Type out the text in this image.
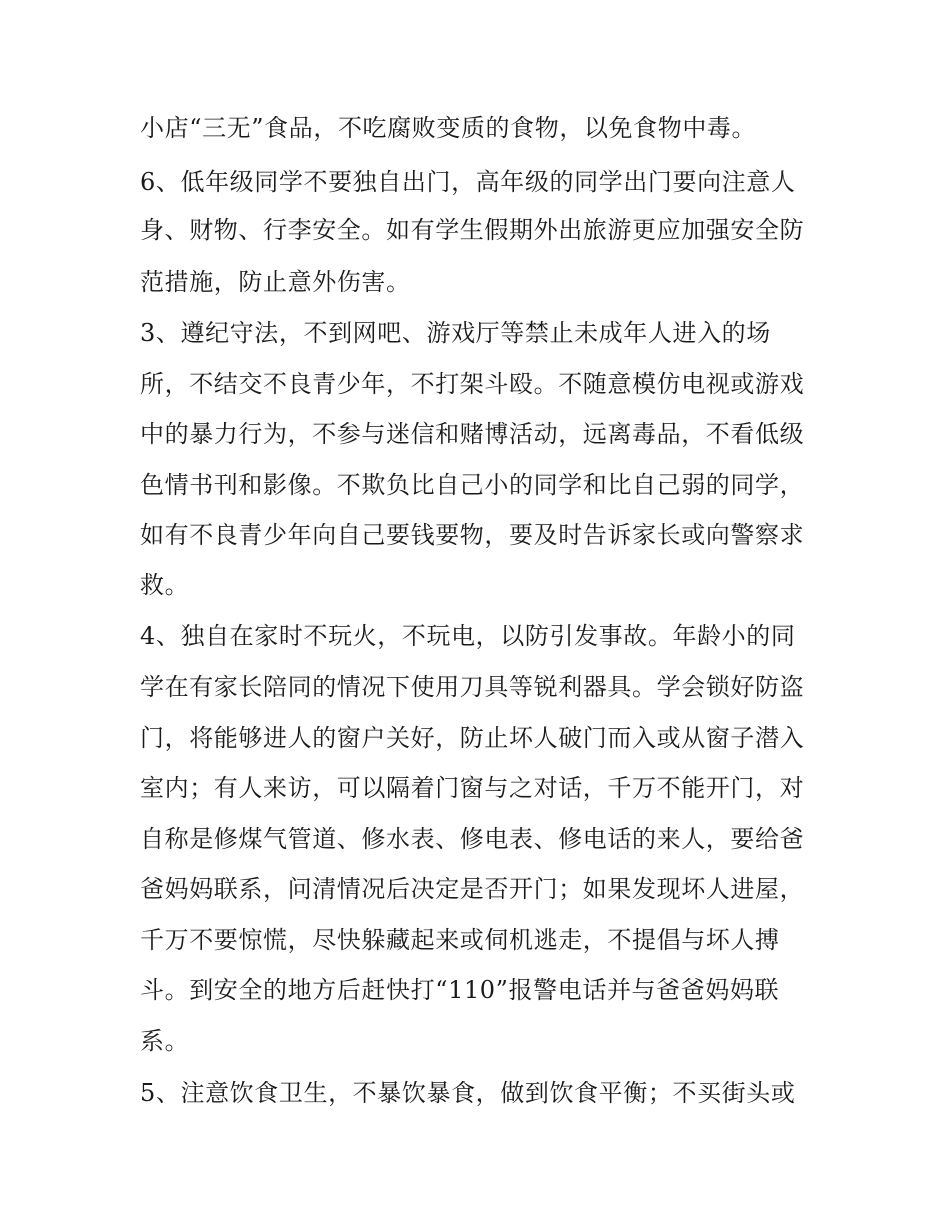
小店“三无”食品，不吃腐败变质的食物，以免食物中毒。
6、低年级同学不要独自出门，高年级的同学出门要向注意人
身、财物、行李安全。如有学生假期外出旅游更应加强安全防
范措施，防止意外伤害。
3、遵纪守法，不到网吧、游戏厅等禁止未成年人进入的场
所，不结交不良青少年，不打架斗殴。不随意模仿电视或游戏
中的暴力行为，不参与迷信和赌博活动，远离毒品，不看低级
色情书刊和影像。不欺负比自己小的同学和比自己弱的同学，
如有不良青少年向自己要钱要物，要及时告诉家长或向警察求
救。
4、独自在家时不玩火，不玩电，以防引发事故。年龄小的同
学在有家长陪同的情况下使用刀具等锐利器具。学会锁好防盗
门，将能够进人的窗户关好，防止坏人破门而入或从窗子潜入
室内；有人来访，可以隔着门窗与之对话，千万不能开门，对
自称是修煤气管道、修水表、修电表、修电话的来人，要给爸
爸妈妈联系，问清情况后决定是否开门；如果发现坏人进屋，
千万不要惊慌，尽快躲藏起来或伺机逃走，不提倡与坏人搏
斗。到安全的地方后赶快打“110”报警电话并与爸爸妈妈联
系。
5、注意饮食卫生，不暴饮暴食，做到饮食平衡；不买街头或
